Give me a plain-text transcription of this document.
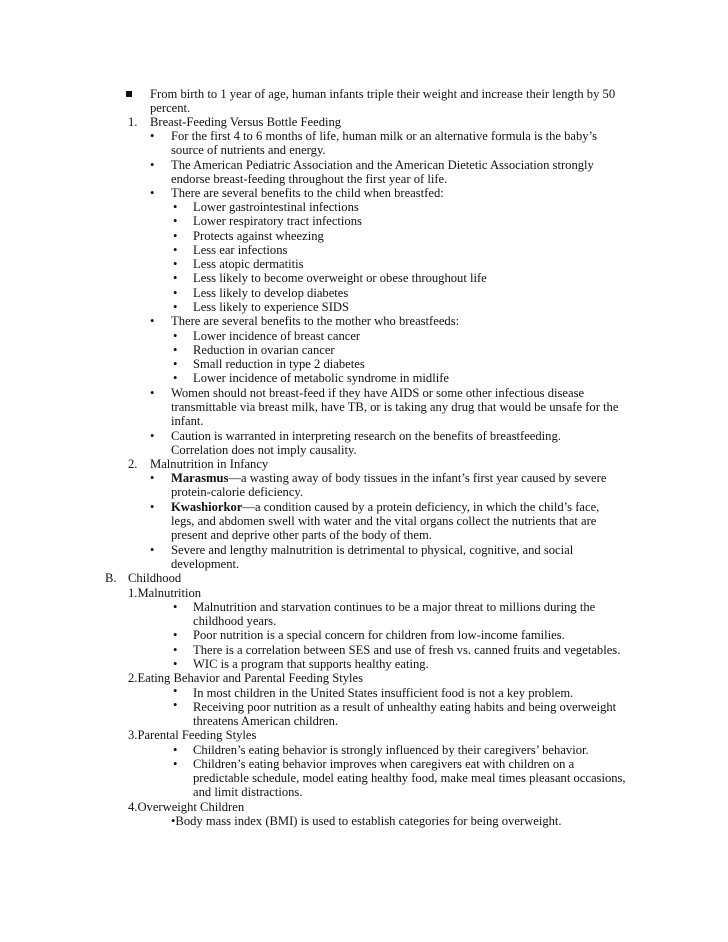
From birth to 1 year of age, human infants triple their weight and increase their length by 50
percent.
1. Breast-Feeding Versus Bottle Feeding
• For the first 4 to 6 months of life, human milk or an alternative formula is the baby’s
source of nutrients and energy.
• The American Pediatric Association and the American Dietetic Association strongly
endorse breast-feeding throughout the first year of life.
• There are several benefits to the child when breastfed:
• Lower gastrointestinal infections
• Lower respiratory tract infections
• Protects against wheezing
• Less ear infections
• Less atopic dermatitis
• Less likely to become overweight or obese throughout life
• Less likely to develop diabetes
• Less likely to experience SIDS
• There are several benefits to the mother who breastfeeds:
• Lower incidence of breast cancer
• Reduction in ovarian cancer
• Small reduction in type 2 diabetes
• Lower incidence of metabolic syndrome in midlife
• Women should not breast-feed if they have AIDS or some other infectious disease
transmittable via breast milk, have TB, or is taking any drug that would be unsafe for the
infant.
• Caution is warranted in interpreting research on the benefits of breastfeeding.
Correlation does not imply causality.
2. Malnutrition in Infancy
• Marasmus—a wasting away of body tissues in the infant’s first year caused by severe
protein-calorie deficiency.
• Kwashiorkor—a condition caused by a protein deficiency, in which the child’s face,
legs, and abdomen swell with water and the vital organs collect the nutrients that are
present and deprive other parts of the body of them.
• Severe and lengthy malnutrition is detrimental to physical, cognitive, and social
development.
B. Childhood
1.Malnutrition
• Malnutrition and starvation continues to be a major threat to millions during the
childhood years.
• Poor nutrition is a special concern for children from low-income families.
• There is a correlation between SES and use of fresh vs. canned fruits and vegetables.
• WIC is a program that supports healthy eating.
2.Eating Behavior and Parental Feeding Styles
• In most children in the United States insufficient food is not a key problem.
• Receiving poor nutrition as a result of unhealthy eating habits and being overweight
threatens American children.
3.Parental Feeding Styles
• Children’s eating behavior is strongly influenced by their caregivers’ behavior.
• Children’s eating behavior improves when caregivers eat with children on a
predictable schedule, model eating healthy food, make meal times pleasant occasions,
and limit distractions.
4.Overweight Children
•Body mass index (BMI) is used to establish categories for being overweight.
